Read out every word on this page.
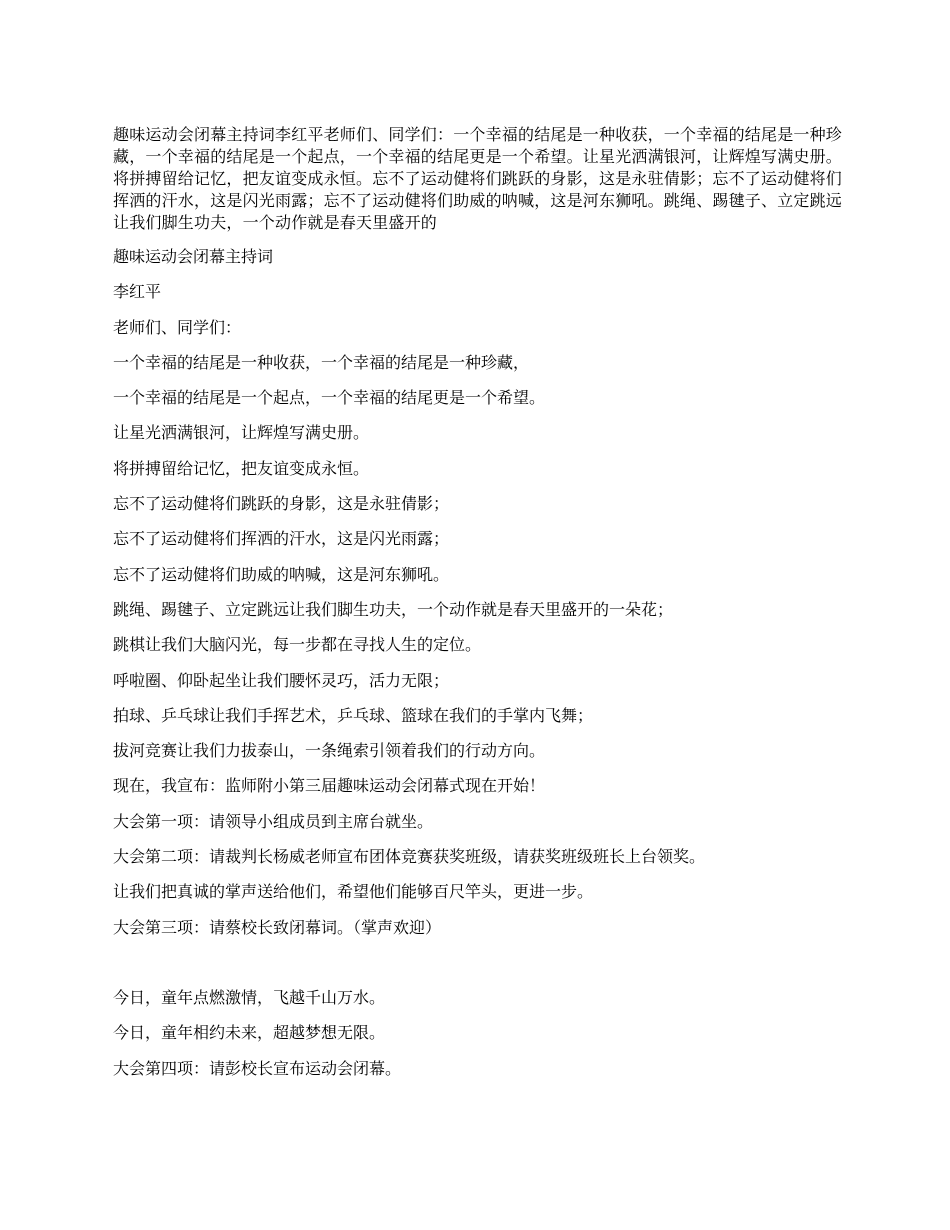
趣味运动会闭幕主持词李红平老师们、同学们：一个幸福的结尾是一种收获，一个幸福的结尾是一种珍藏，一个幸福的结尾是一个起点，一个幸福的结尾更是一个希望。让星光洒满银河，让辉煌写满史册。将拼搏留给记忆，把友谊变成永恒。忘不了运动健将们跳跃的身影，这是永驻倩影；忘不了运动健将们挥洒的汗水，这是闪光雨露；忘不了运动健将们助威的呐喊，这是河东狮吼。跳绳、踢毽子、立定跳远让我们脚生功夫，一个动作就是春天里盛开的

趣味运动会闭幕主持词
李红平
老师们、同学们：
一个幸福的结尾是一种收获，一个幸福的结尾是一种珍藏，
一个幸福的结尾是一个起点，一个幸福的结尾更是一个希望。
让星光洒满银河，让辉煌写满史册。
将拼搏留给记忆，把友谊变成永恒。
忘不了运动健将们跳跃的身影，这是永驻倩影；
忘不了运动健将们挥洒的汗水，这是闪光雨露；
忘不了运动健将们助威的呐喊，这是河东狮吼。
跳绳、踢毽子、立定跳远让我们脚生功夫，一个动作就是春天里盛开的一朵花；
跳棋让我们大脑闪光，每一步都在寻找人生的定位。
呼啦圈、仰卧起坐让我们腰怀灵巧，活力无限；
拍球、乒乓球让我们手挥艺术，乒乓球、篮球在我们的手掌内飞舞；
拔河竞赛让我们力拔泰山，一条绳索引领着我们的行动方向。
现在，我宣布：监师附小第三届趣味运动会闭幕式现在开始！
大会第一项：请领导小组成员到主席台就坐。
大会第二项：请裁判长杨威老师宣布团体竞赛获奖班级，请获奖班级班长上台领奖。
让我们把真诚的掌声送给他们，希望他们能够百尺竿头，更进一步。
大会第三项：请蔡校长致闭幕词。（掌声欢迎）
今日，童年点燃激情，飞越千山万水。
今日，童年相约未来，超越梦想无限。
大会第四项：请彭校长宣布运动会闭幕。
